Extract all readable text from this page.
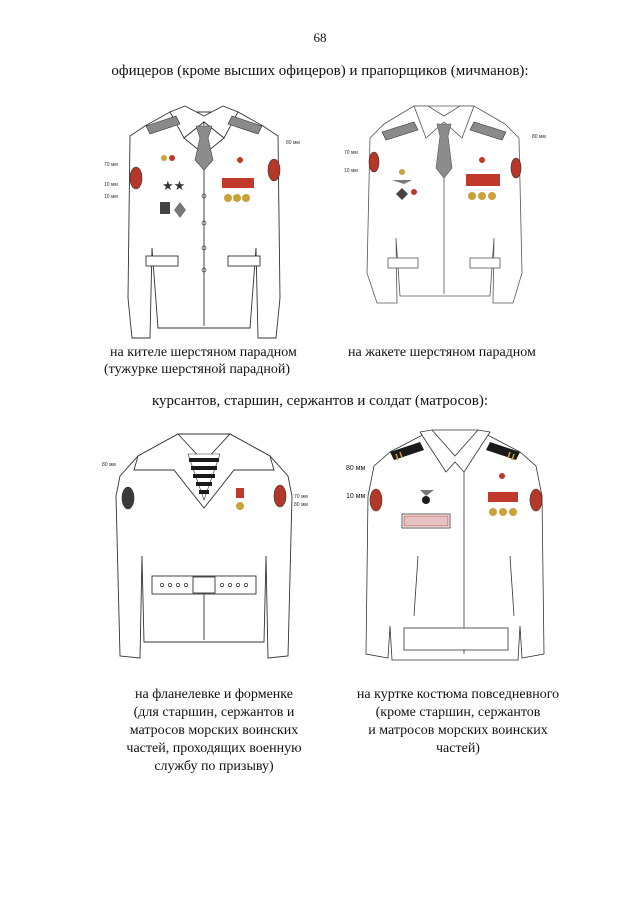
68

офицеров (кроме высших офицеров) и прапорщиков (мичманов):

★★
70 мм
10 мм
10 мм
80 мм
70 мм
10 мм
80 мм

на кителе шерстяном парадном

(тужурке шерстяной парадной)

на жакете шерстяном парадном

курсантов, старшин, сержантов и солдат (матросов):

80 мм
70 мм
80 мм
80 мм
10 мм
на фланелевке и форменке
(для старшин, сержантов и
матросов морских воинских
частей, проходящих военную
службу по призыву)
на куртке костюма повседневного
(кроме старшин, сержантов
и матросов морских воинских
частей)
